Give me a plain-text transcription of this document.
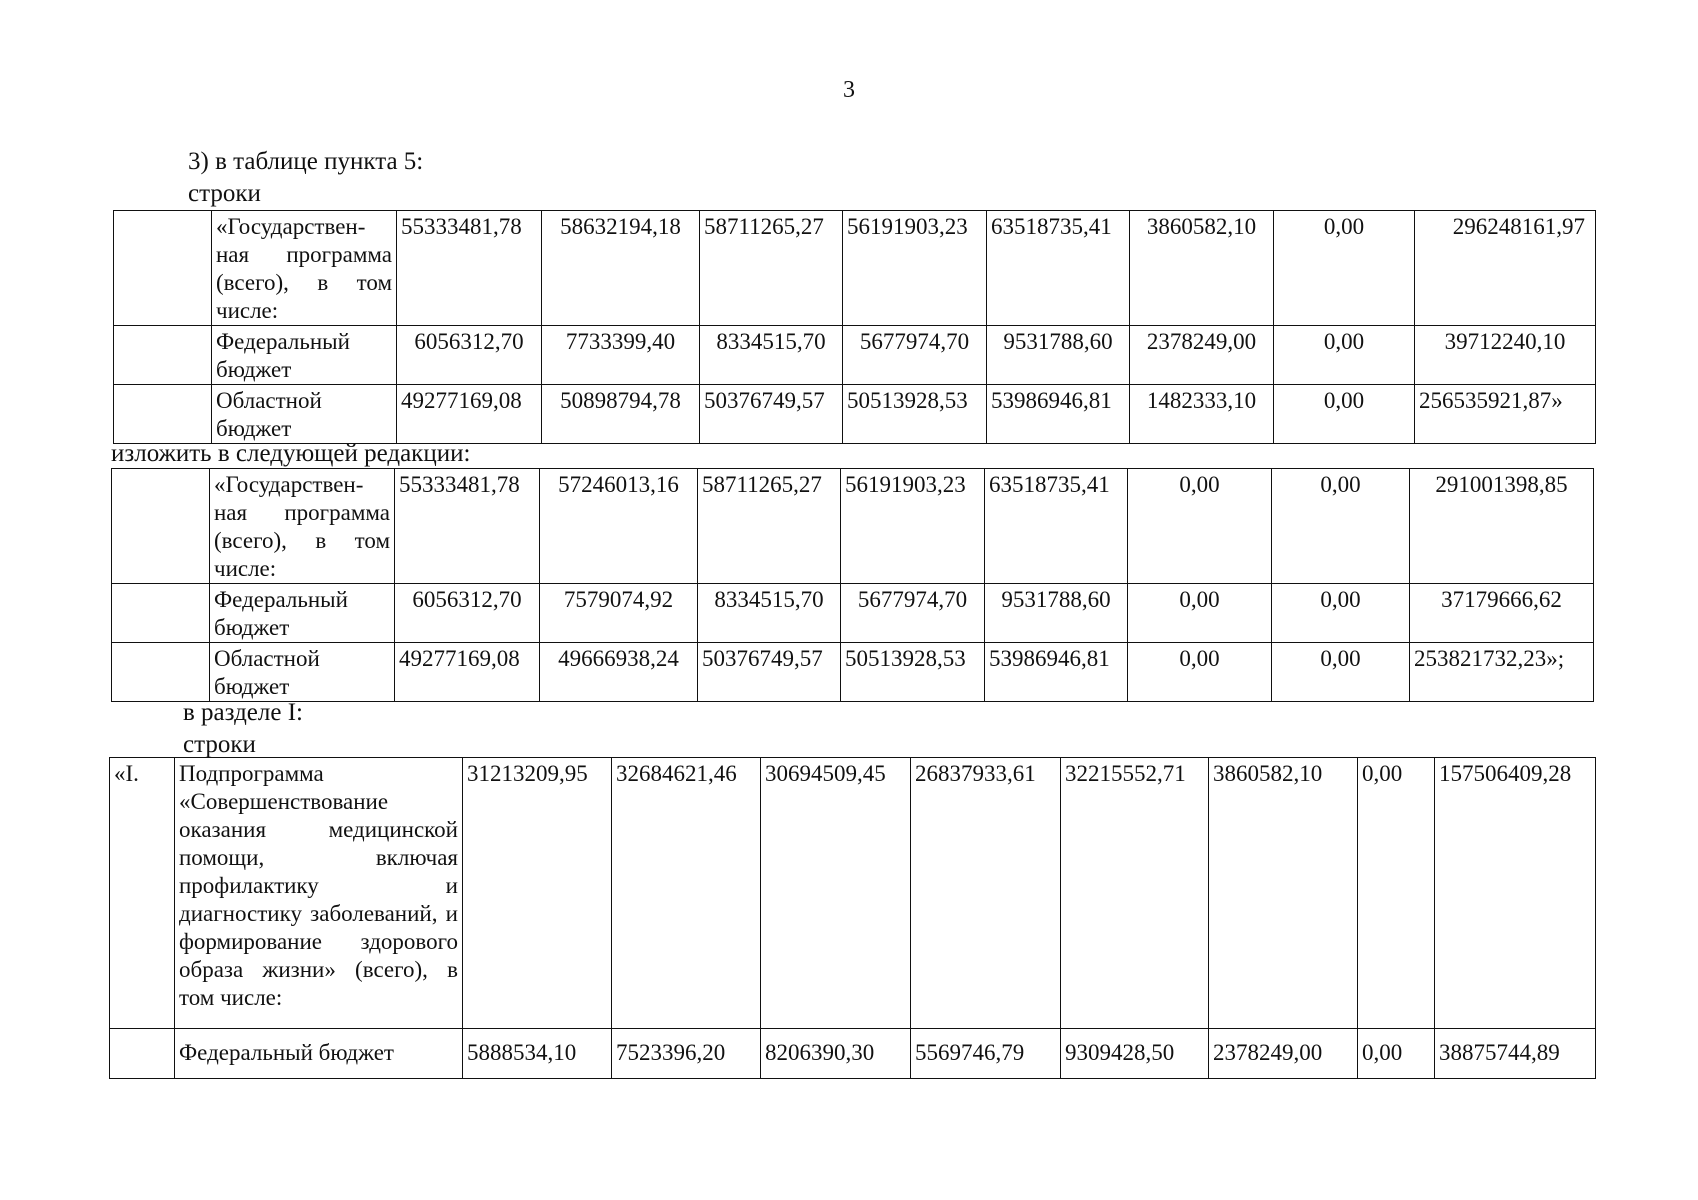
3
3) в таблице пункта 5:
строки
	«Государствен-ная программа (всего), в том числе:	55333481,78	58632194,18	58711265,27	56191903,23	63518735,41	3860582,10	0,00	296248161,97
	Федеральный бюджет	6056312,70	7733399,40	8334515,70	5677974,70	9531788,60	2378249,00	0,00	39712240,10
	Областной бюджет	49277169,08	50898794,78	50376749,57	50513928,53	53986946,81	1482333,10	0,00	256535921,87»
изложить в следующей редакции:
	«Государствен-ная программа (всего), в том числе:	55333481,78	57246013,16	58711265,27	56191903,23	63518735,41	0,00	0,00	291001398,85
	Федеральный бюджет	6056312,70	7579074,92	8334515,70	5677974,70	9531788,60	0,00	0,00	37179666,62
	Областной бюджет	49277169,08	49666938,24	50376749,57	50513928,53	53986946,81	0,00	0,00	253821732,23»;
в разделе I:
строки
«I.	Подпрограмма «Совершенствование оказания медицинской помощи, включая профилактику и диагностику заболеваний, и формирование здорового образа жизни» (всего), в том числе:	31213209,95	32684621,46	30694509,45	26837933,61	32215552,71	3860582,10	0,00	157506409,28
	Федеральный бюджет	5888534,10	7523396,20	8206390,30	5569746,79	9309428,50	2378249,00	0,00	38875744,89
